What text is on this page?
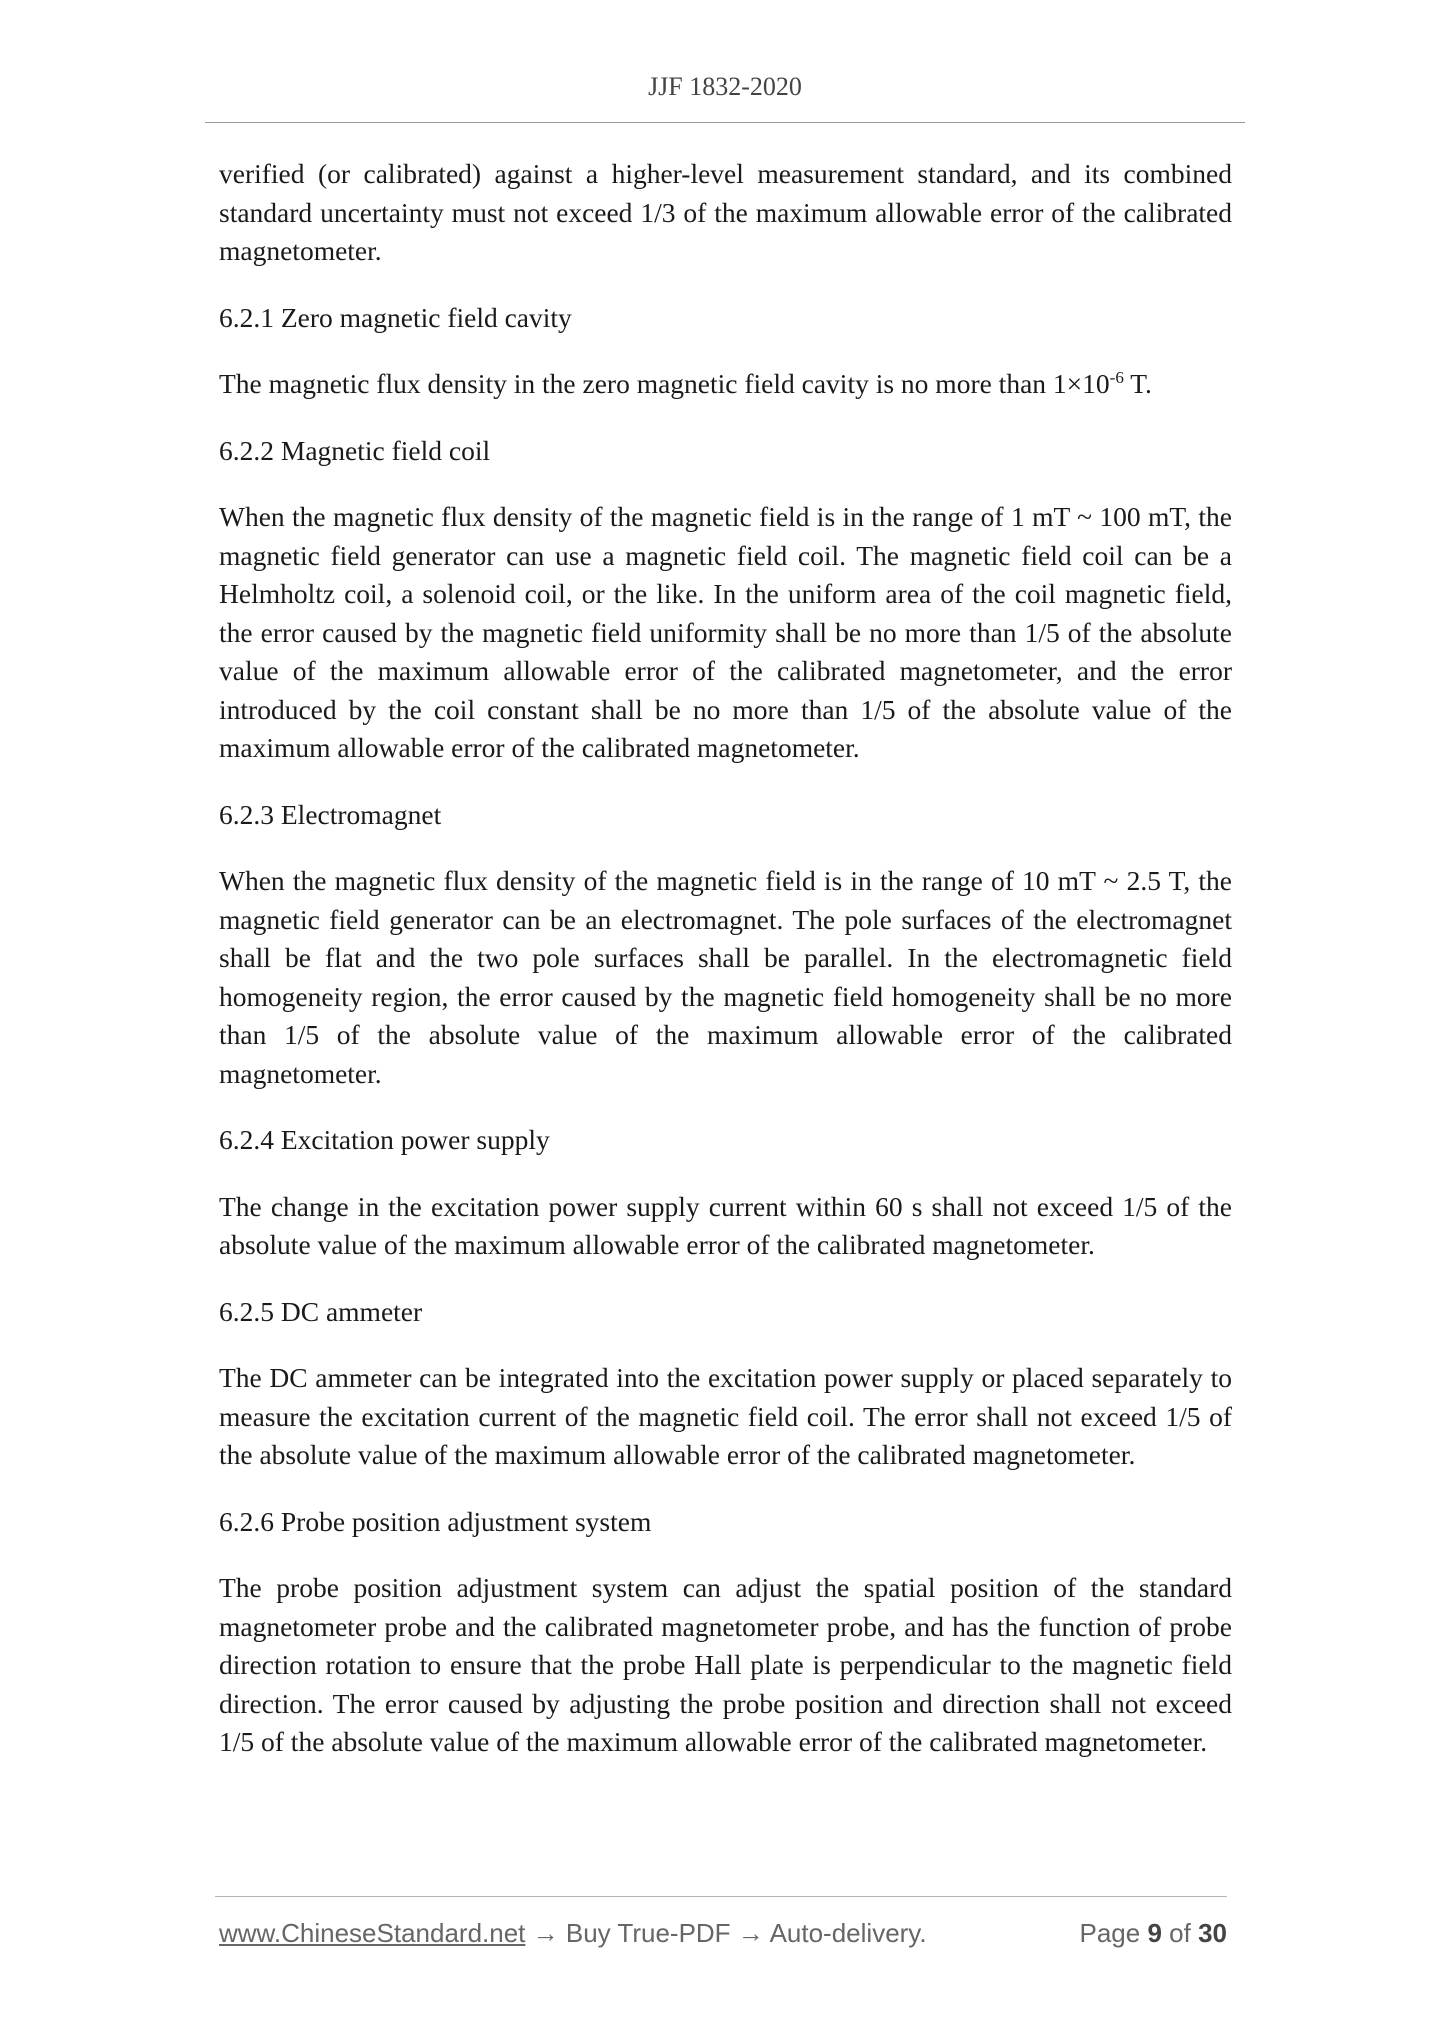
JJF 1832-2020

verified (or calibrated) against a higher-level measurement standard, and its combined standard uncertainty must not exceed 1/3 of the maximum allowable error of the calibrated magnetometer.

6.2.1 Zero magnetic field cavity

The magnetic flux density in the zero magnetic field cavity is no more than $1\times 10^{-6}$ T.

6.2.2 Magnetic field coil

When the magnetic flux density of the magnetic field is in the range of 1 mT ~ 100 mT, the magnetic field generator can use a magnetic field coil. The magnetic field coil can be a Helmholtz coil, a solenoid coil, or the like. In the uniform area of the coil magnetic field, the error caused by the magnetic field uniformity shall be no more than 1/5 of the absolute value of the maximum allowable error of the calibrated magnetometer, and the error introduced by the coil constant shall be no more than 1/5 of the absolute value of the maximum allowable error of the calibrated magnetometer.

6.2.3 Electromagnet

When the magnetic flux density of the magnetic field is in the range of 10 mT ~ 2.5 T, the magnetic field generator can be an electromagnet. The pole surfaces of the electromagnet shall be flat and the two pole surfaces shall be parallel. In the electromagnetic field homogeneity region, the error caused by the magnetic field homogeneity shall be no more than 1/5 of the absolute value of the maximum allowable error of the calibrated magnetometer.

6.2.4 Excitation power supply

The change in the excitation power supply current within 60 s shall not exceed 1/5 of the absolute value of the maximum allowable error of the calibrated magnetometer.

6.2.5 DC ammeter

The DC ammeter can be integrated into the excitation power supply or placed separately to measure the excitation current of the magnetic field coil. The error shall not exceed 1/5 of the absolute value of the maximum allowable error of the calibrated magnetometer.

6.2.6 Probe position adjustment system

The probe position adjustment system can adjust the spatial position of the standard magnetometer probe and the calibrated magnetometer probe, and has the function of probe direction rotation to ensure that the probe Hall plate is perpendicular to the magnetic field direction. The error caused by adjusting the probe position and direction shall not exceed 1/5 of the absolute value of the maximum allowable error of the calibrated magnetometer.

www.ChineseStandard.net → Buy True-PDF → Auto-delivery.	Page 9 of 30
